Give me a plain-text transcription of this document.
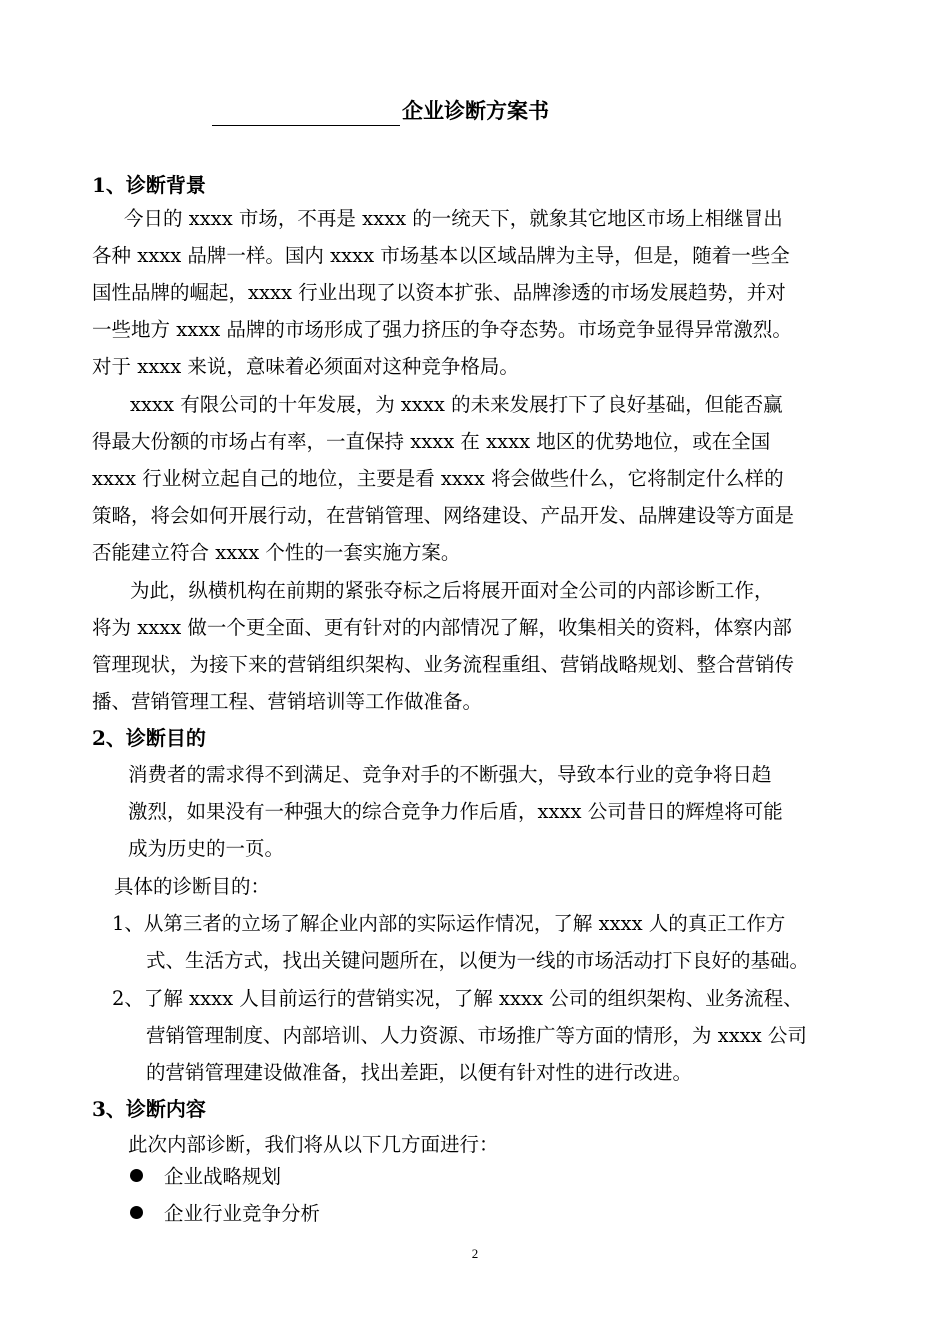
企业诊断方案书
1、诊断背景
今日的 xxxx 市场，不再是 xxxx 的一统天下，就象其它地区市场上相继冒出
各种 xxxx 品牌一样。国内 xxxx 市场基本以区域品牌为主导，但是，随着一些全
国性品牌的崛起，xxxx 行业出现了以资本扩张、品牌渗透的市场发展趋势，并对
一些地方 xxxx 品牌的市场形成了强力挤压的争夺态势。市场竞争显得异常激烈。
对于 xxxx 来说，意味着必须面对这种竞争格局。
xxxx 有限公司的十年发展，为 xxxx 的未来发展打下了良好基础，但能否赢
得最大份额的市场占有率，一直保持 xxxx 在 xxxx 地区的优势地位，或在全国
xxxx 行业树立起自己的地位，主要是看 xxxx 将会做些什么，它将制定什么样的
策略，将会如何开展行动，在营销管理、网络建设、产品开发、品牌建设等方面是
否能建立符合 xxxx 个性的一套实施方案。
为此，纵横机构在前期的紧张夺标之后将展开面对全公司的内部诊断工作，
将为 xxxx 做一个更全面、更有针对的内部情况了解，收集相关的资料，体察内部
管理现状，为接下来的营销组织架构、业务流程重组、营销战略规划、整合营销传
播、营销管理工程、营销培训等工作做准备。
2、诊断目的
消费者的需求得不到满足、竞争对手的不断强大，导致本行业的竞争将日趋
激烈，如果没有一种强大的综合竞争力作后盾，xxxx 公司昔日的辉煌将可能
成为历史的一页。
具体的诊断目的：
1、从第三者的立场了解企业内部的实际运作情况，了解 xxxx 人的真正工作方
式、生活方式，找出关键问题所在，以便为一线的市场活动打下良好的基础。
2、了解 xxxx 人目前运行的营销实况，了解 xxxx 公司的组织架构、业务流程、
营销管理制度、内部培训、人力资源、市场推广等方面的情形，为 xxxx 公司
的营销管理建设做准备，找出差距，以便有针对性的进行改进。
3、诊断内容
此次内部诊断，我们将从以下几方面进行：
企业战略规划
企业行业竞争分析
2
